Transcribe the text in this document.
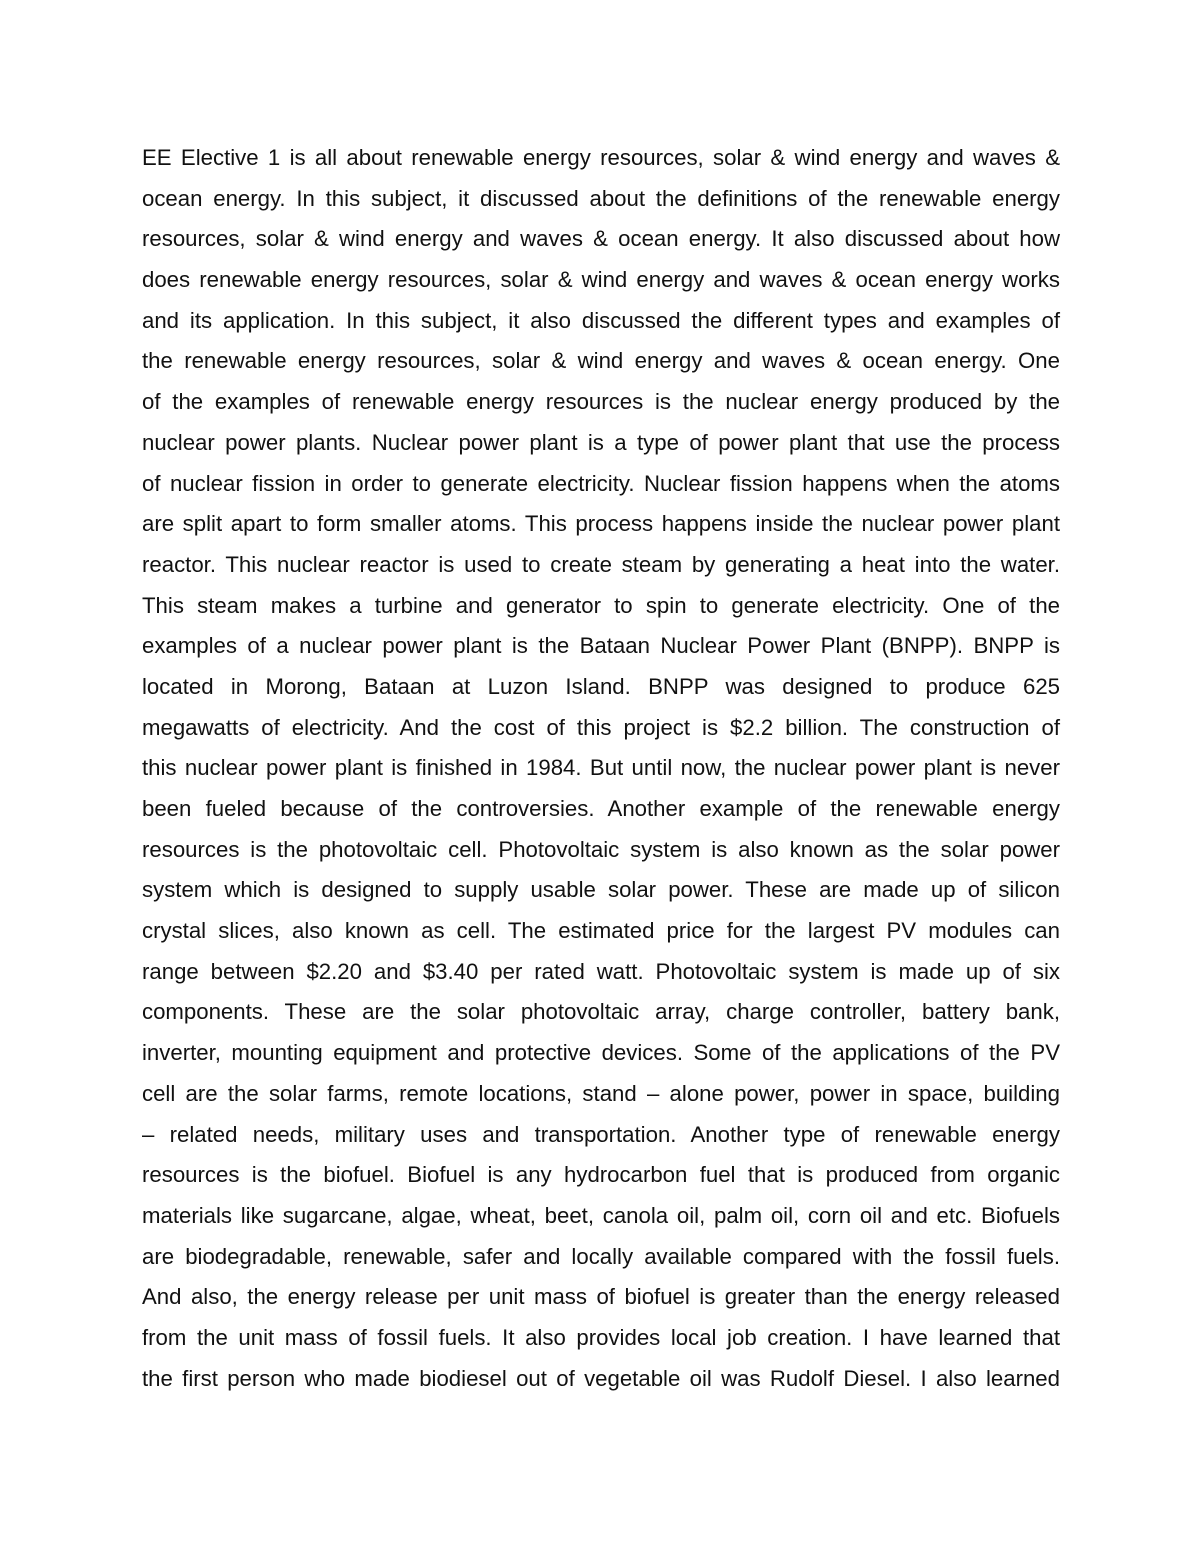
EE Elective 1 is all about renewable energy resources, solar & wind energy and waves &
ocean energy. In this subject, it discussed about the definitions of the renewable energy
resources, solar & wind energy and waves & ocean energy. It also discussed about how
does renewable energy resources, solar & wind energy and waves & ocean energy works
and its application. In this subject, it also discussed the different types and examples of
the renewable energy resources, solar & wind energy and waves & ocean energy. One
of the examples of renewable energy resources is the nuclear energy produced by the
nuclear power plants. Nuclear power plant is a type of power plant that use the process
of nuclear fission in order to generate electricity. Nuclear fission happens when the atoms
are split apart to form smaller atoms. This process happens inside the nuclear power plant
reactor. This nuclear reactor is used to create steam by generating a heat into the water.
This steam makes a turbine and generator to spin to generate electricity. One of the
examples of a nuclear power plant is the Bataan Nuclear Power Plant (BNPP). BNPP is
located in Morong, Bataan at Luzon Island. BNPP was designed to produce 625
megawatts of electricity. And the cost of this project is $2.2 billion. The construction of
this nuclear power plant is finished in 1984. But until now, the nuclear power plant is never
been fueled because of the controversies. Another example of the renewable energy
resources is the photovoltaic cell. Photovoltaic system is also known as the solar power
system which is designed to supply usable solar power. These are made up of silicon
crystal slices, also known as cell. The estimated price for the largest PV modules can
range between $2.20 and $3.40 per rated watt. Photovoltaic system is made up of six
components. These are the solar photovoltaic array, charge controller, battery bank,
inverter, mounting equipment and protective devices. Some of the applications of the PV
cell are the solar farms, remote locations, stand – alone power, power in space, building
– related needs, military uses and transportation. Another type of renewable energy
resources is the biofuel. Biofuel is any hydrocarbon fuel that is produced from organic
materials like sugarcane, algae, wheat, beet, canola oil, palm oil, corn oil and etc. Biofuels
are biodegradable, renewable, safer and locally available compared with the fossil fuels.
And also, the energy release per unit mass of biofuel is greater than the energy released
from the unit mass of fossil fuels. It also provides local job creation. I have learned that
the first person who made biodiesel out of vegetable oil was Rudolf Diesel. I also learned
